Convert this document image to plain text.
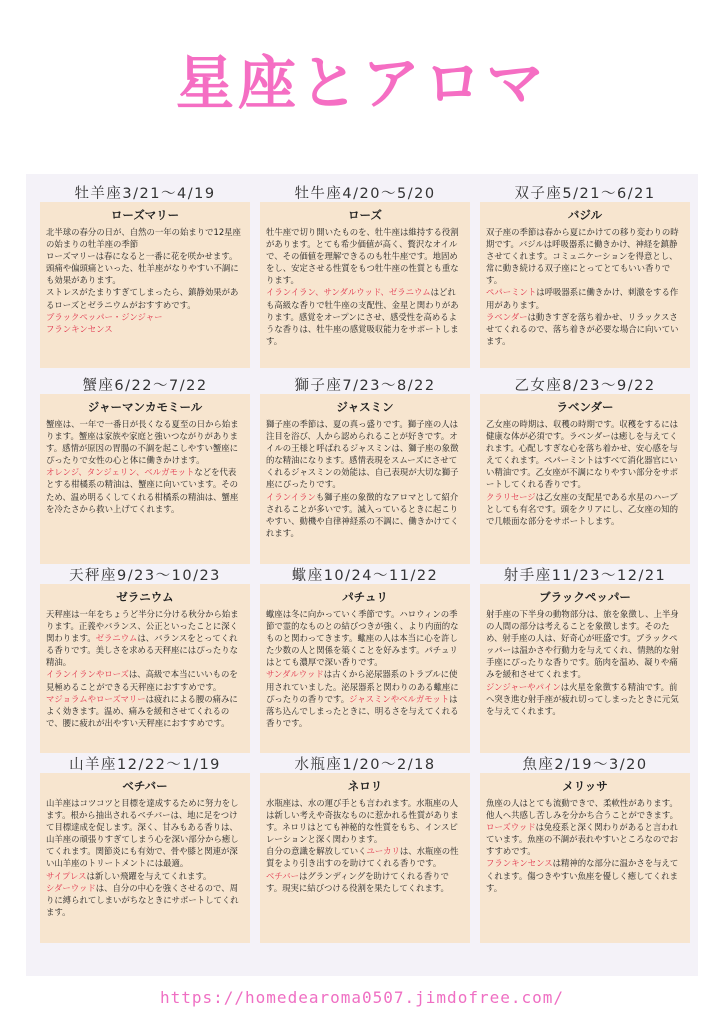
星座とアロマ
牡羊座3/21～4/19
ローズマリー
北半球の春分の日が、自然の一年の始まりで12星座の始まりの牡羊座の季節
ローズマリーは春になると一番に花を咲かせます。
頭痛や偏頭痛といった、牡羊座がなりやすい不調にも効果があります。
ストレスがたまりすぎてしまったら、鎮静効果があるローズとゼラニウムがおすすめです。
ブラックペッパー・ジンジャー
フランキンセンス
牡牛座4/20～5/20
ローズ
牡牛座で切り開いたものを、牡牛座は維持する役割があります。とても希少価値が高く、贅沢なオイルで、その価値を理解できるのも牡牛座です。地固めをし、安定させる性質をもつ牡牛座の性質とも重なります。
イランイラン、サンダルウッド、ゼラニウムはどれも高級な香りで牡牛座の支配性、金星と関わりがあります。感覚をオープンにさせ、感受性を高めるような香りは、牡牛座の感覚吸収能力をサポートします。
双子座5/21～6/21
バジル
双子座の季節は春から夏にかけての移り変わりの時期です。バジルは呼吸器系に働きかけ、神経を鎮静させてくれます。コミュニケーションを得意とし、常に動き続ける双子座にとってとてもいい香りです。
ペパーミントは呼吸器系に働きかけ、刺激をする作用があります。
ラベンダーは動きすぎを落ち着かせ、リラックスさせてくれるので、落ち着きが必要な場合に向いています。
蟹座6/22～7/22
ジャーマンカモミール
蟹座は、一年で一番日が長くなる夏至の日から始まります。蟹座は家族や家庭と強いつながりがあります。感情が原因の胃腸の不調を起こしやすい蟹座にぴったりで女性の心と体に働きかけます。
オレンジ、タンジェリン、ベルガモットなどを代表とする柑橘系の精油は、蟹座に向いています。そのため、温め明るくしてくれる柑橘系の精油は、蟹座を冷たさから救い上げてくれます。
獅子座7/23～8/22
ジャスミン
獅子座の季節は、夏の真っ盛りです。獅子座の人は注目を浴び、人から認められることが好きです。オイルの王様と呼ばれるジャスミンは、獅子座の象徴的な精油になります。感情表現をスムーズにさせてくれるジャスミンの効能は、自己表現が大切な獅子座にぴったりです。
イランイランも獅子座の象徴的なアロマとして紹介されることが多いです。滅入っているときに起こりやすい、動機や自律神経系の不調に、働きかけてくれます。
乙女座8/23～9/22
ラベンダー
乙女座の時期は、収穫の時期です。収穫をするには健康な体が必須です。ラベンダーは癒しを与えてくれます。心配しすぎな心を落ち着かせ、安心感を与えてくれます。ペパーミントはすべて消化器官にいい精油です。乙女座が不調になりやすい部分をサポートしてくれる香りです。
クラリセージは乙女座の支配星である水星のハーブとしても有名です。頭をクリアにし、乙女座の知的で几帳面な部分をサポートします。
天秤座9/23～10/23
ゼラニウム
天秤座は一年をちょうど半分に分ける秋分から始まります。正義やバランス、公正といったことに深く関わります。ゼラニウムは、バランスをとってくれる香りです。美しさを求める天秤座にはぴったりな精油。
イランイランやローズは、高級で本当にいいものを見極めることができる天秤座におすすめです。
マジョラムやローズマリーは疲れによる腰の痛みによく効きます。温め、痛みを緩和させてくれるので、腰に疲れが出やすい天秤座におすすめです。
蠍座10/24～11/22
パチュリ
蠍座は冬に向かっていく季節です。ハロウィンの季節で霊的なものとの結びつきが強く、より内面的なものと関わってきます。蠍座の人は本当に心を許した少数の人と関係を築くことを好みます。パチュリはとても濃厚で深い香りです。
サンダルウッドは古くから泌尿器系のトラブルに使用されていました。泌尿器系と関わりのある蠍座にぴったりの香りです。ジャスミンやベルガモットは落ち込んでしまったときに、明るさを与えてくれる香りです。
射手座11/23～12/21
ブラックペッパー
射手座の下半身の動物部分は、旅を象徴し、上半身の人間の部分は考えることを象徴します。そのため、射手座の人は、好奇心が旺盛です。ブラックペッパーは温かさや行動力を与えてくれ、情熱的な射手座にぴったりな香りです。筋肉を温め、凝りや痛みを緩和させてくれます。
ジンジャーやパインは火星を象徴する精油です。前へ突き進む射手座が疲れ切ってしまったときに元気を与えてくれます。
山羊座12/22～1/19
ベチバー
山羊座はコツコツと目標を達成するために努力をします。根から抽出されるベチバーは、地に足をつけて目標達成を促します。深く、甘みもある香りは、山羊座の頑張りすぎてしまう心を深い部分から癒してくれます。関節炎にも有効で、骨や膝と関連が深い山羊座のトリートメントには最適。
サイプレスは新しい飛躍を与えてくれます。
シダーウッドは、自分の中心を強くさせるので、周りに縛られてしまいがちなときにサポートしてくれます。
水瓶座1/20～2/18
ネロリ
水瓶座は、水の運び手とも言われます。水瓶座の人は新しい考えや奇抜なものに惹かれる性質があります。ネロリはとても神秘的な性質をもち、インスピレーションと深く関わります。
自分の意識を解放していくユーカリは、水瓶座の性質をより引き出すのを助けてくれる香りです。
ベチバーはグランディングを助けてくれる香りです。現実に結びつける役割を果たしてくれます。
魚座2/19～3/20
メリッサ
魚座の人はとても流動できで、柔軟性があります。他人へ共感し苦しみを分かち合うことができます。
ローズウッドは免疫系と深く関わりがあると言われています。魚座の不調が表れやすいところなのでおすすめです。
フランキンセンスは精神的な部分に温かさを与えてくれます。傷つきやすい魚座を優しく癒してくれます。
https://homedearoma0507.jimdofree.com/
